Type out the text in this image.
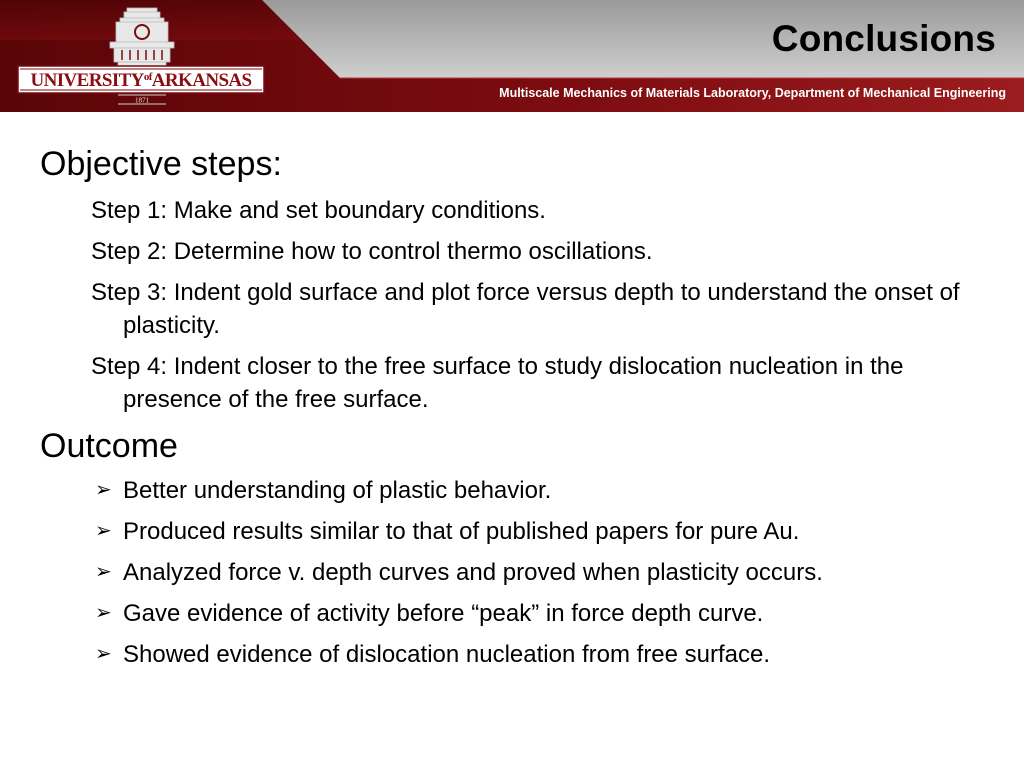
$UNIVERSITY^{of}ARKANSAS$
1871
Conclusions
Multiscale Mechanics of Materials Laboratory, Department of Mechanical Engineering

Objective steps:

Step 1: Make and set boundary conditions.
Step 2: Determine how to control thermo oscillations.
Step 3: Indent gold surface and plot force versus depth to understand the onset of plasticity.
Step 4: Indent closer to the free surface to study dislocation nucleation in the presence of the free surface.

Outcome

➢ Better understanding of plastic behavior.
➢ Produced results similar to that of published papers for pure Au.
➢ Analyzed force v. depth curves and proved when plasticity occurs.
➢ Gave evidence of activity before “peak” in force depth curve.
➢ Showed evidence of dislocation nucleation from free surface.
